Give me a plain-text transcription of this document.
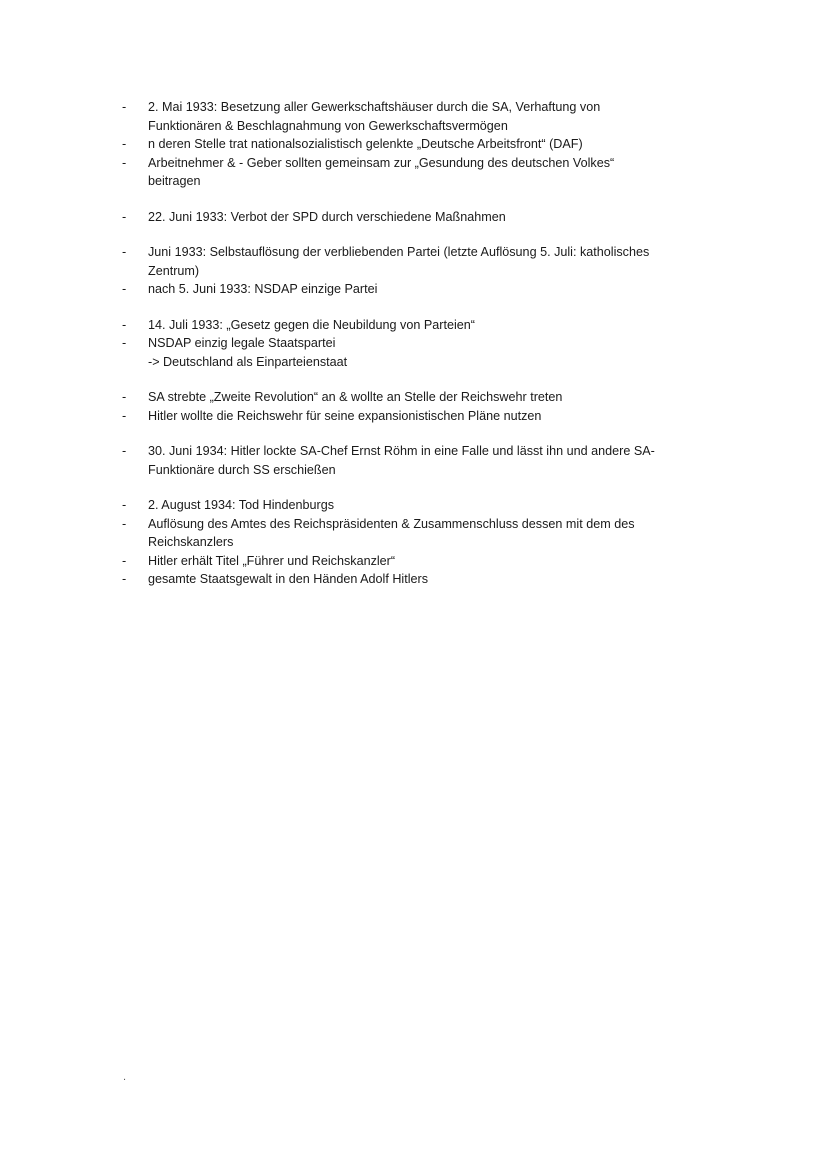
-	2. Mai 1933: Besetzung aller Gewerkschaftshäuser durch die SA, Verhaftung von
Funktionären & Beschlagnahmung von Gewerkschaftsvermögen
-	n deren Stelle trat nationalsozialistisch gelenkte „Deutsche Arbeitsfront“ (DAF)
-	Arbeitnehmer & - Geber sollten gemeinsam zur „Gesundung des deutschen Volkes“
beitragen
-	22. Juni 1933: Verbot der SPD durch verschiedene Maßnahmen
-	Juni 1933: Selbstauflösung der verbliebenden Partei (letzte Auflösung 5. Juli: katholisches
Zentrum)
-	nach 5. Juni 1933: NSDAP einzige Partei
-	14. Juli 1933: „Gesetz gegen die Neubildung von Parteien“
-	NSDAP einzig legale Staatspartei
-> Deutschland als Einparteienstaat
-	SA strebte „Zweite Revolution“ an & wollte an Stelle der Reichswehr treten
-	Hitler wollte die Reichswehr für seine expansionistischen Pläne nutzen
-	30. Juni 1934: Hitler lockte SA-Chef Ernst Röhm in eine Falle und lässt ihn und andere SA-
Funktionäre durch SS erschießen
-	2. August 1934: Tod Hindenburgs
-	Auflösung des Amtes des Reichspräsidenten & Zusammenschluss dessen mit dem des
Reichskanzlers
-	Hitler erhält Titel „Führer und Reichskanzler“
-	gesamte Staatsgewalt in den Händen Adolf Hitlers
.
